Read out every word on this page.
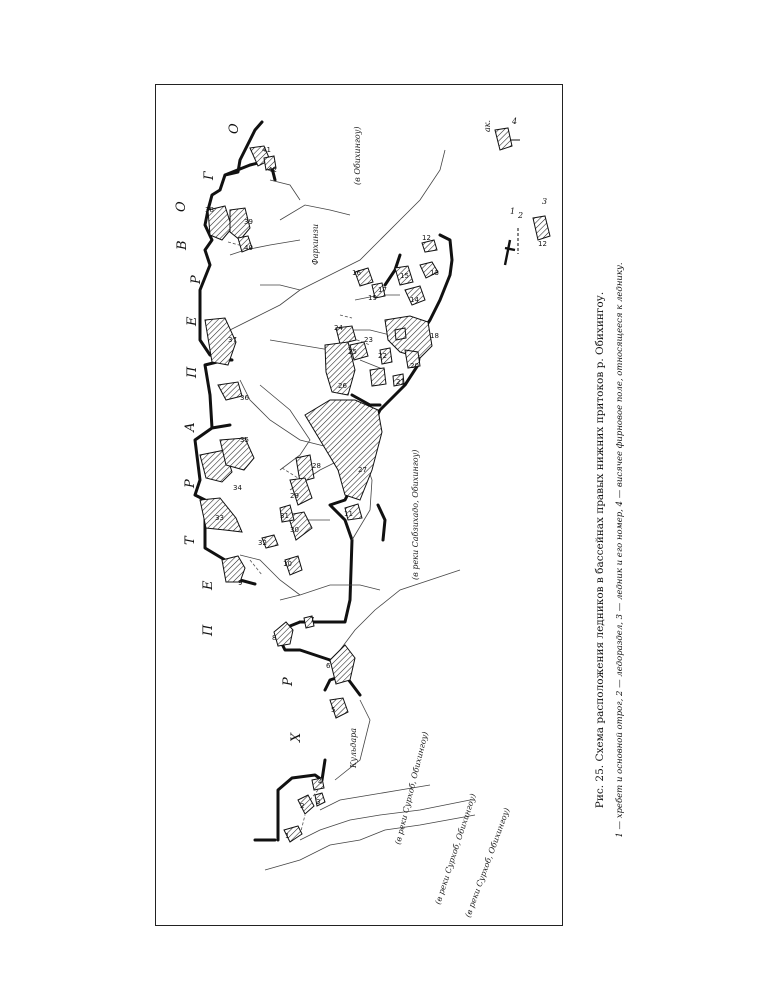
Рис. 25. Схема расположения ледников в бассейнах правых нижних притоков р. Обихингоу. 1 — хребет и основной отрог, 2 — ледораздел, 3 — ледник и его номер, 4 — висячее фирновое поле, относящееся к леднику.
1
2 3
4
5
6
7
8
9
10
11
12
13
14
15
16
17
18
19
20
21
22
23
24
25
26
27
28
29
30
31
32
33
34
35
36
37
38
39
40
41
42
Х
Р
П
Е
Т
Р
А
П
Е
Р
В
О
Г
О	(в Обихингоу)
Фархинзи
(в реки Сабзихадо, Обихингоу)
Кульдара	(в реки Сурхоб, Обихингоу)
(в реки Сурхоб, Обихингоу)
(в реки Сурхоб, Обихингоу)
1 2
3
12
ак.	4
